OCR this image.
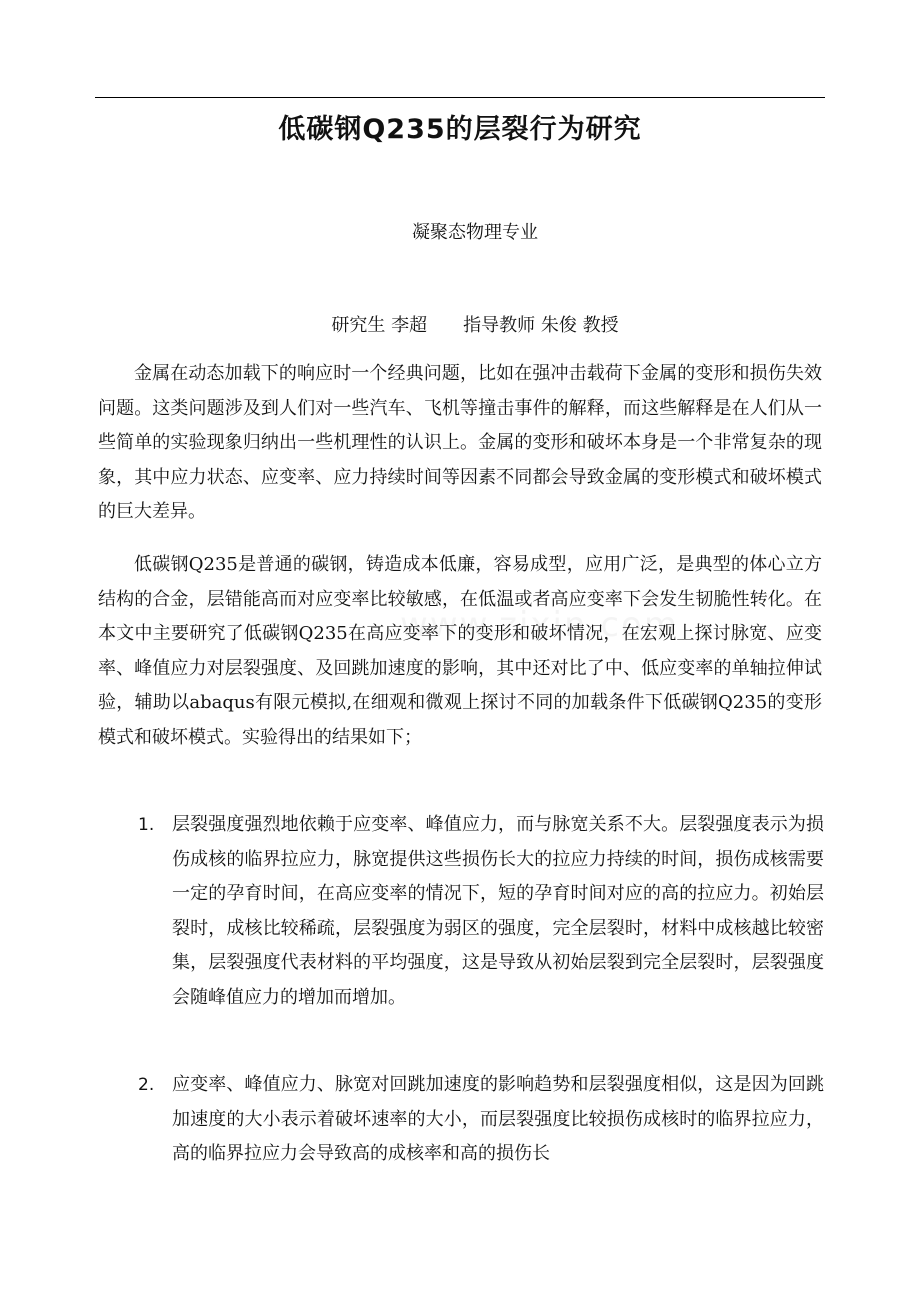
低碳钢Q235的层裂行为研究
凝聚态物理专业
研究生 李超 指导教师 朱俊 教授

金属在动态加载下的响应时一个经典问题，比如在强冲击载荷下金属的变形和损伤失效问题。这类问题涉及到人们对一些汽车、飞机等撞击事件的解释，而这些解释是在人们从一些简单的实验现象归纳出一些机理性的认识上。金属的变形和破坏本身是一个非常复杂的现象，其中应力状态、应变率、应力持续时间等因素不同都会导致金属的变形模式和破坏模式的巨大差异。

低碳钢Q235是普通的碳钢，铸造成本低廉，容易成型，应用广泛，是典型的体心立方结构的合金，层错能高而对应变率比较敏感，在低温或者高应变率下会发生韧脆性转化。在本文中主要研究了低碳钢Q235在高应变率下的变形和破坏情况，在宏观上探讨脉宽、应变率、峰值应力对层裂强度、及回跳加速度的影响，其中还对比了中、低应变率的单轴拉伸试验，辅助以abaqus有限元模拟,在细观和微观上探讨不同的加载条件下低碳钢Q235的变形模式和破坏模式。实验得出的结果如下；

1. 层裂强度强烈地依赖于应变率、峰值应力，而与脉宽关系不大。层裂强度表示为损伤成核的临界拉应力，脉宽提供这些损伤长大的拉应力持续的时间，损伤成核需要一定的孕育时间，在高应变率的情况下，短的孕育时间对应的高的拉应力。初始层裂时，成核比较稀疏，层裂强度为弱区的强度，完全层裂时，材料中成核越比较密集，层裂强度代表材料的平均强度，这是导致从初始层裂到完全层裂时，层裂强度会随峰值应力的增加而增加。
2. 应变率、峰值应力、脉宽对回跳加速度的影响趋势和层裂强度相似，这是因为回跳加速度的大小表示着破坏速率的大小，而层裂强度比较损伤成核时的临界拉应力，高的临界拉应力会导致高的成核率和高的损伤长
